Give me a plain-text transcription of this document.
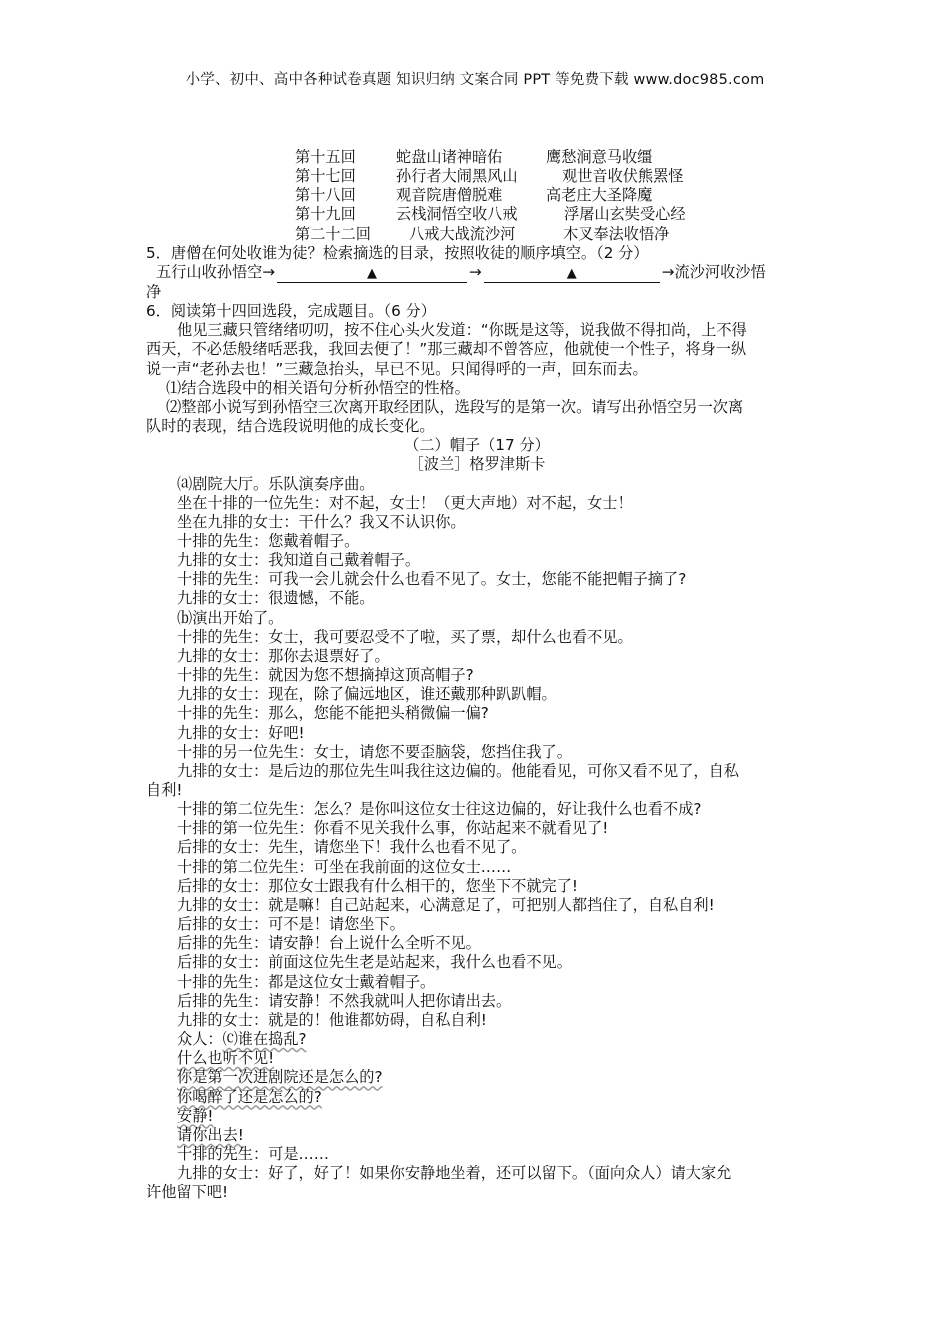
小学、初中、高中各种试卷真题 知识归纳 文案合同 PPT 等免费下载 www.doc985.com
第十五回	蛇盘山诸神暗佑	鹰愁涧意马收缰
第十七回	孙行者大闹黑风山	观世音收伏熊罴怪
第十八回	观音院唐僧脱难	高老庄大圣降魔
第十九回	云栈洞悟空收八戒	浮屠山玄奘受心经
第二十二回	八戒大战流沙河	木叉奉法收悟净
5．唐僧在何处收谁为徒？检索摘选的目录，按照收徒的顺序填空。（2 分）
五行山收孙悟空→	▲	→	▲	→流沙河收沙悟
净
6．阅读第十四回选段，完成题目。（6 分）
他见三藏只管绪绪叨叨，按不住心头火发道：“你既是这等，说我做不得扣尚，上不得
西天，不必恁般绪咶恶我，我回去便了！”那三藏却不曾答应，他就使一个性子，将身一纵
说一声“老孙去也！”三藏急抬头，早已不见。只闻得呼的一声，回东而去。
⑴结合选段中的相关语句分析孙悟空的性格。
⑵整部小说写到孙悟空三次离开取经团队，选段写的是第一次。请写出孙悟空另一次离
队时的表现，结合选段说明他的成长变化。
（二）帽子（17 分）
［波兰］格罗津斯卡
⒜剧院大厅。乐队演奏序曲。
坐在十排的一位先生：对不起，女士！（更大声地）对不起，女士！
坐在九排的女士：干什么？我又不认识你。
十排的先生：您戴着帽子。
九排的女士：我知道自己戴着帽子。
十排的先生：可我一会儿就会什么也看不见了。女士，您能不能把帽子摘了?
九排的女士：很遗憾，不能。
⒝演出开始了。
十排的先生：女士，我可要忍受不了啦，买了票，却什么也看不见。
九排的女士：那你去退票好了。
十排的先生：就因为您不想摘掉这顶高帽子?
九排的女士：现在，除了偏远地区，谁还戴那种趴趴帽。
十排的先生：那么，您能不能把头稍微偏一偏?
九排的女士：好吧!
十排的另一位先生：女士，请您不要歪脑袋，您挡住我了。
九排的女士：是后边的那位先生叫我往这边偏的。他能看见，可你又看不见了，自私
自利!
十排的第二位先生：怎么？是你叫这位女士往这边偏的，好让我什么也看不成?
十排的第一位先生：你看不见关我什么事，你站起来不就看见了!
后排的女士：先生，请您坐下！我什么也看不见了。
十排的第二位先生：可坐在我前面的这位女士……
后排的女士：那位女士跟我有什么相干的，您坐下不就完了!
九排的女士：就是嘛！自己站起来，心满意足了，可把别人都挡住了，自私自利!
后排的女士：可不是！请您坐下。
后排的先生：请安静！台上说什么全听不见。
后排的女士：前面这位先生老是站起来，我什么也看不见。
十排的先生：都是这位女士戴着帽子。
后排的先生：请安静！不然我就叫人把你请出去。
九排的女士：就是的！他谁都妨碍，自私自利!
众人：⒞谁在捣乱?
什么也听不见!
你是第一次进剧院还是怎么的?
你喝醉了还是怎么的?
安静!
请你出去!
十排的先生：可是……
九排的女士：好了，好了！如果你安静地坐着，还可以留下。（面向众人）请大家允
许他留下吧!
